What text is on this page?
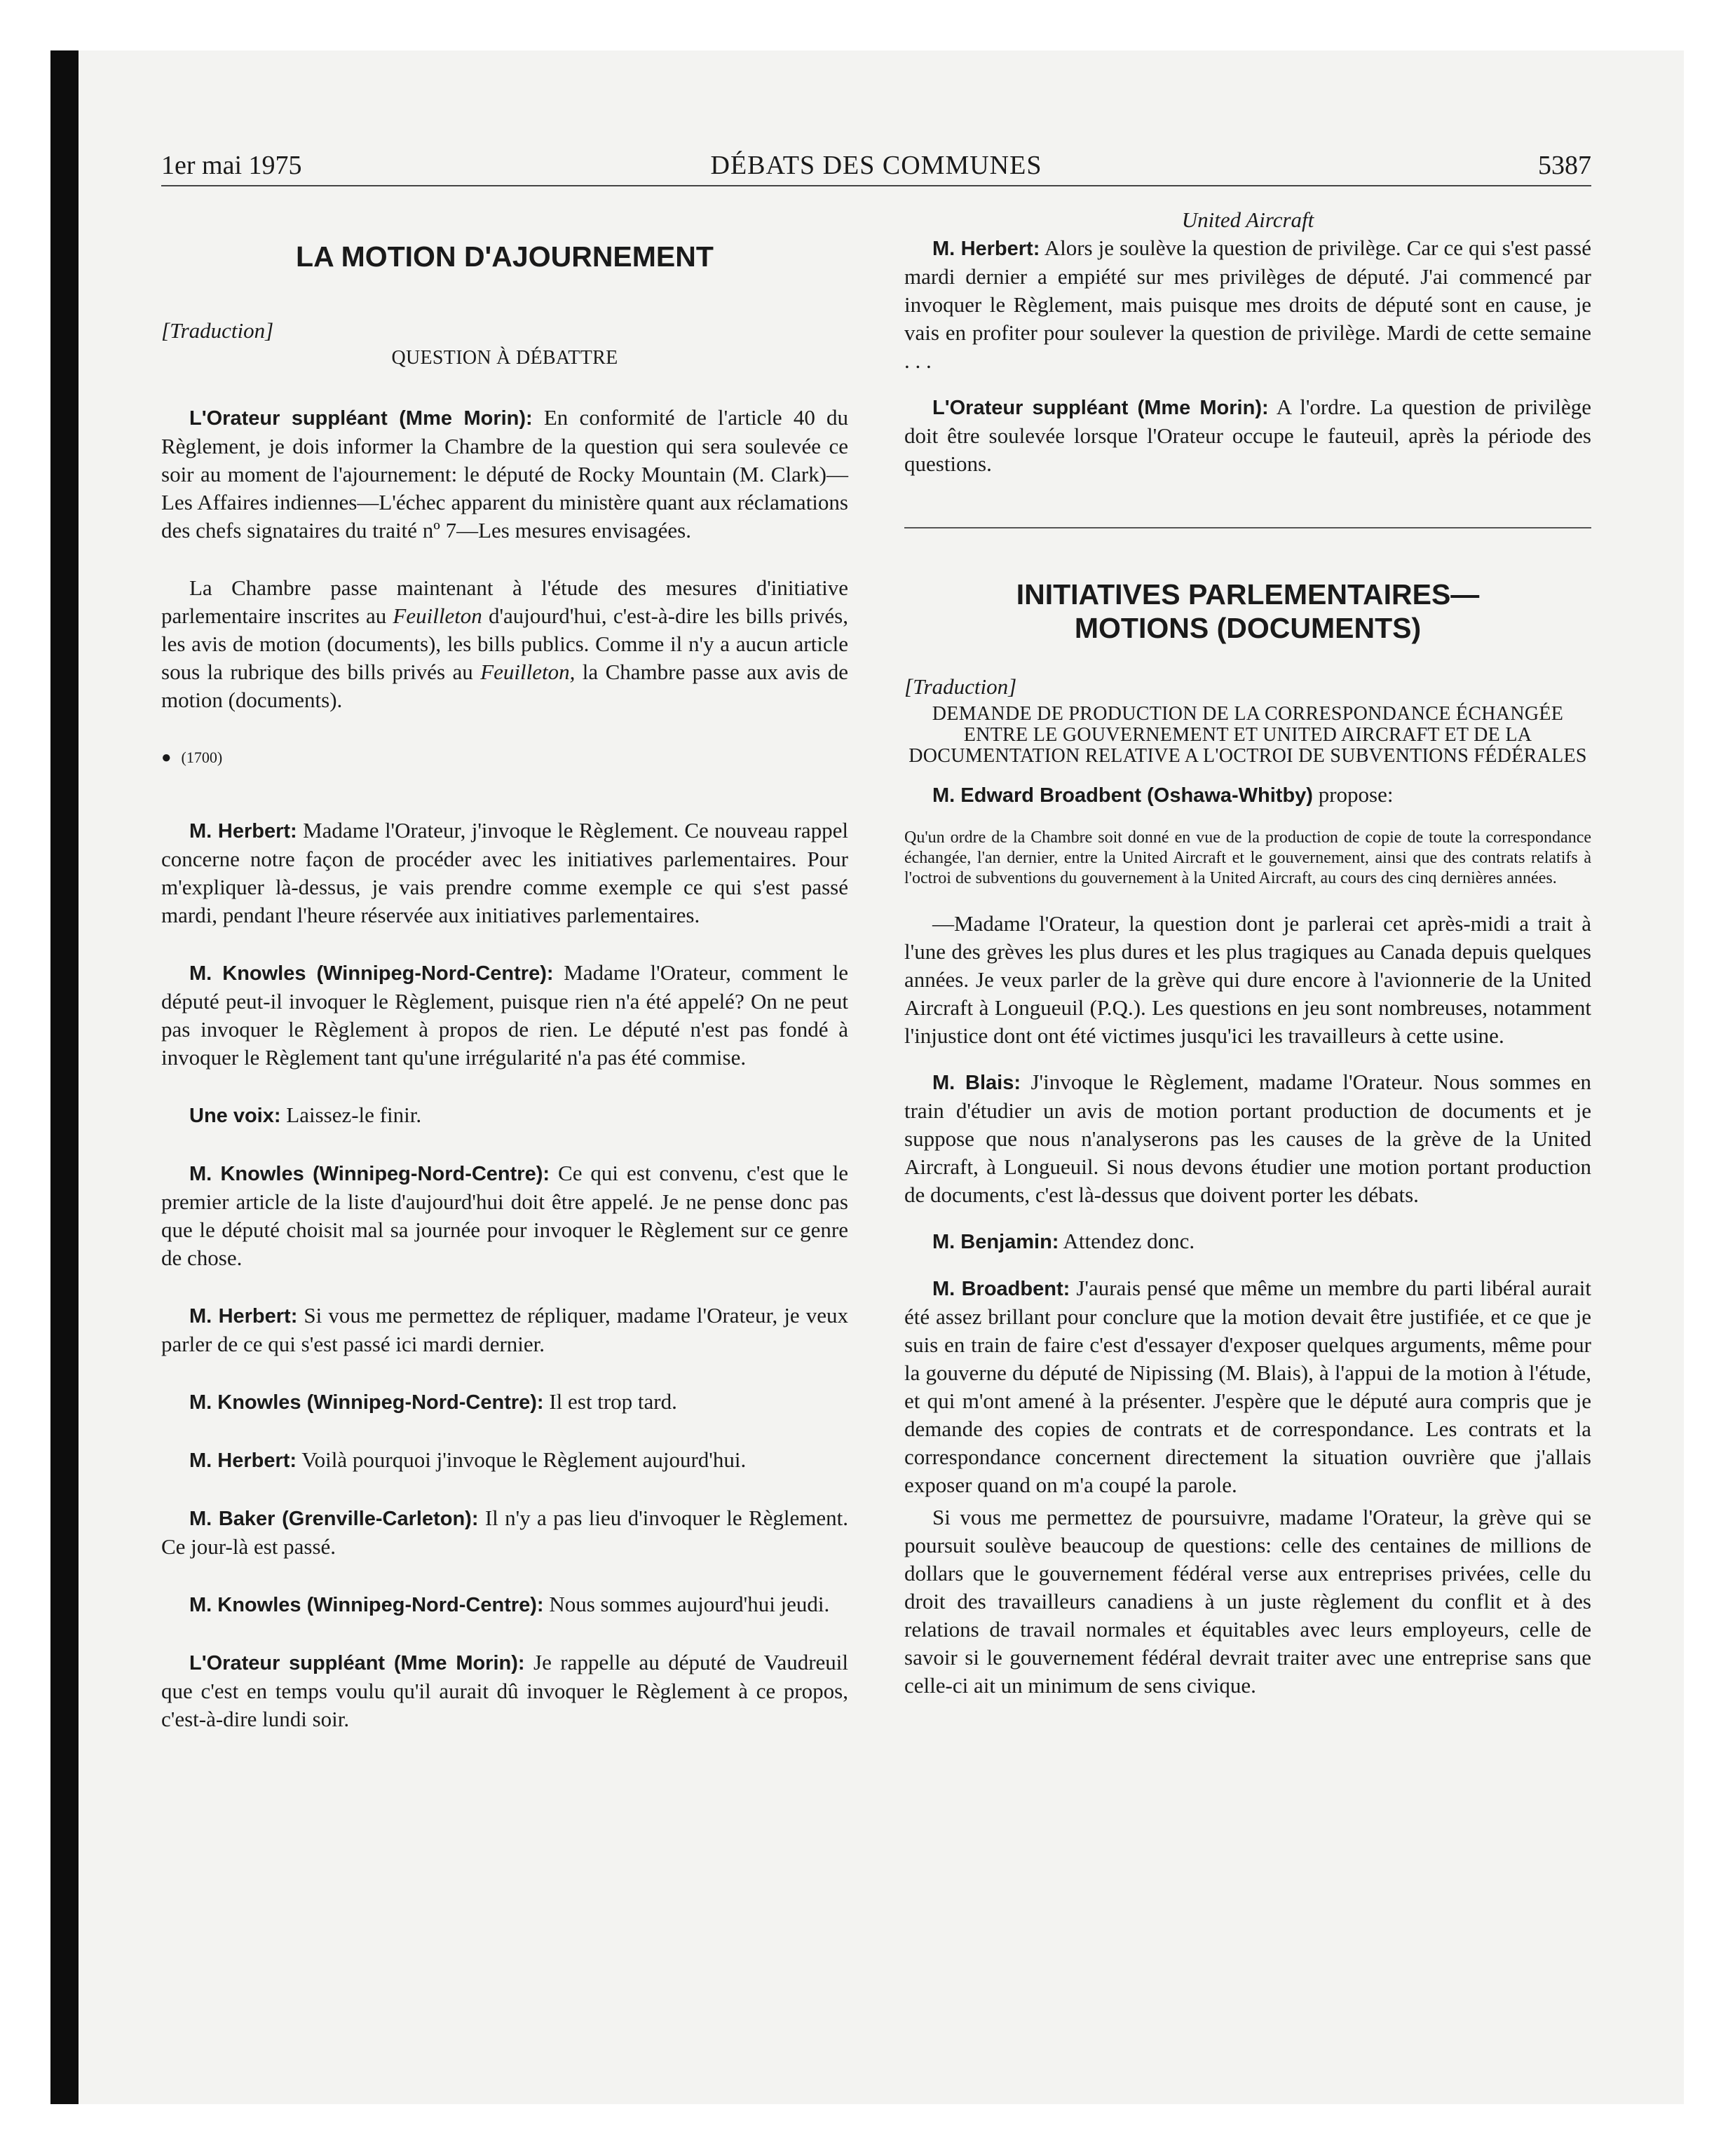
1er mai 1975	DÉBATS DES COMMUNES	5387
LA MOTION D'AJOURNEMENT
[Traduction]
QUESTION À DÉBATTRE

L'Orateur suppléant (Mme Morin): En conformité de l'article 40 du Règlement, je dois informer la Chambre de la question qui sera soulevée ce soir au moment de l'ajournement: le député de Rocky Mountain (M. Clark)—Les Affaires indiennes—L'échec apparent du ministère quant aux réclamations des chefs signataires du traité nº 7—Les mesures envisagées.

La Chambre passe maintenant à l'étude des mesures d'initiative parlementaire inscrites au Feuilleton d'aujourd'hui, c'est-à-dire les bills privés, les avis de motion (documents), les bills publics. Comme il n'y a aucun article sous la rubrique des bills privés au Feuilleton, la Chambre passe aux avis de motion (documents).

● (1700)

M. Herbert: Madame l'Orateur, j'invoque le Règlement. Ce nouveau rappel concerne notre façon de procéder avec les initiatives parlementaires. Pour m'expliquer là-dessus, je vais prendre comme exemple ce qui s'est passé mardi, pendant l'heure réservée aux initiatives parlementaires.

M. Knowles (Winnipeg-Nord-Centre): Madame l'Orateur, comment le député peut-il invoquer le Règlement, puisque rien n'a été appelé? On ne peut pas invoquer le Règlement à propos de rien. Le député n'est pas fondé à invoquer le Règlement tant qu'une irrégularité n'a pas été commise.

Une voix: Laissez-le finir.

M. Knowles (Winnipeg-Nord-Centre): Ce qui est convenu, c'est que le premier article de la liste d'aujourd'hui doit être appelé. Je ne pense donc pas que le député choisit mal sa journée pour invoquer le Règlement sur ce genre de chose.

M. Herbert: Si vous me permettez de répliquer, madame l'Orateur, je veux parler de ce qui s'est passé ici mardi dernier.

M. Knowles (Winnipeg-Nord-Centre): Il est trop tard.

M. Herbert: Voilà pourquoi j'invoque le Règlement aujourd'hui.

M. Baker (Grenville-Carleton): Il n'y a pas lieu d'invoquer le Règlement. Ce jour-là est passé.

M. Knowles (Winnipeg-Nord-Centre): Nous sommes aujourd'hui jeudi.

L'Orateur suppléant (Mme Morin): Je rappelle au député de Vaudreuil que c'est en temps voulu qu'il aurait dû invoquer le Règlement à ce propos, c'est-à-dire lundi soir.

United Aircraft

M. Herbert: Alors je soulève la question de privilège. Car ce qui s'est passé mardi dernier a empiété sur mes privilèges de député. J'ai commencé par invoquer le Règlement, mais puisque mes droits de député sont en cause, je vais en profiter pour soulever la question de privilège. Mardi de cette semaine . . .

L'Orateur suppléant (Mme Morin): A l'ordre. La question de privilège doit être soulevée lorsque l'Orateur occupe le fauteuil, après la période des questions.

INITIATIVES PARLEMENTAIRES—
MOTIONS (DOCUMENTS)
[Traduction]
DEMANDE DE PRODUCTION DE LA CORRESPONDANCE ÉCHANGÉE ENTRE LE GOUVERNEMENT ET UNITED AIRCRAFT ET DE LA DOCUMENTATION RELATIVE A L'OCTROI DE SUBVENTIONS FÉDÉRALES

M. Edward Broadbent (Oshawa-Whitby) propose:

Qu'un ordre de la Chambre soit donné en vue de la production de copie de toute la correspondance échangée, l'an dernier, entre la United Aircraft et le gouvernement, ainsi que des contrats relatifs à l'octroi de subventions du gouvernement à la United Aircraft, au cours des cinq dernières années.

—Madame l'Orateur, la question dont je parlerai cet après-midi a trait à l'une des grèves les plus dures et les plus tragiques au Canada depuis quelques années. Je veux parler de la grève qui dure encore à l'avionnerie de la United Aircraft à Longueuil (P.Q.). Les questions en jeu sont nombreuses, notamment l'injustice dont ont été victimes jusqu'ici les travailleurs à cette usine.

M. Blais: J'invoque le Règlement, madame l'Orateur. Nous sommes en train d'étudier un avis de motion portant production de documents et je suppose que nous n'analyserons pas les causes de la grève de la United Aircraft, à Longueuil. Si nous devons étudier une motion portant production de documents, c'est là-dessus que doivent porter les débats.

M. Benjamin: Attendez donc.

M. Broadbent: J'aurais pensé que même un membre du parti libéral aurait été assez brillant pour conclure que la motion devait être justifiée, et ce que je suis en train de faire c'est d'essayer d'exposer quelques arguments, même pour la gouverne du député de Nipissing (M. Blais), à l'appui de la motion à l'étude, et qui m'ont amené à la présenter. J'espère que le député aura compris que je demande des copies de contrats et de correspondance. Les contrats et la correspondance concernent directement la situation ouvrière que j'allais exposer quand on m'a coupé la parole.

Si vous me permettez de poursuivre, madame l'Orateur, la grève qui se poursuit soulève beaucoup de questions: celle des centaines de millions de dollars que le gouvernement fédéral verse aux entreprises privées, celle du droit des travailleurs canadiens à un juste règlement du conflit et à des relations de travail normales et équitables avec leurs employeurs, celle de savoir si le gouvernement fédéral devrait traiter avec une entreprise sans que celle-ci ait un minimum de sens civique.
